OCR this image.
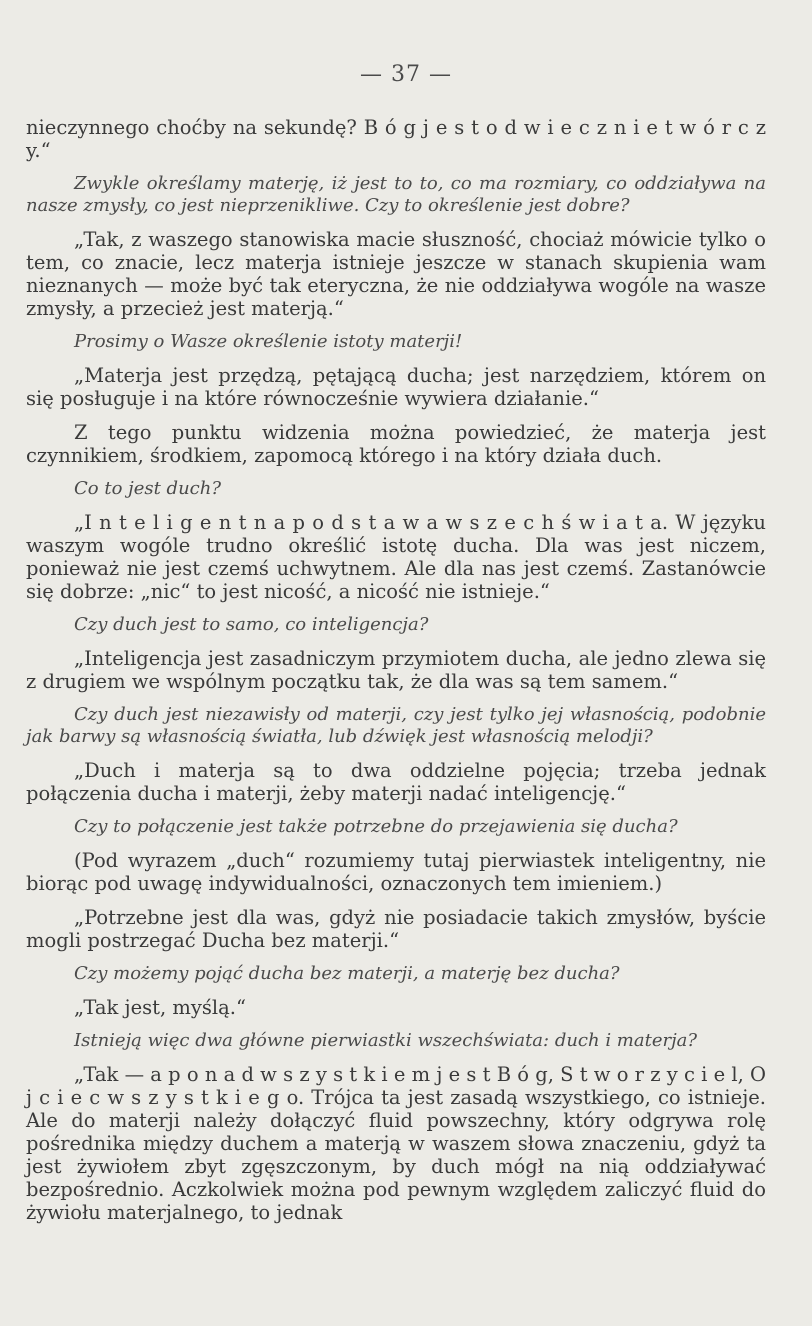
— 37 —

nieczynnego choćby na sekundę? B ó g j e s t o d w i e c z n i e t w ó r c z y.“

Zwykle określamy materję, iż jest to to, co ma rozmiary, co oddziaływa na nasze zmysły, co jest nieprzenikliwe. Czy to określenie jest dobre?

„Tak, z waszego stanowiska macie słuszność, chociaż mówicie tylko o tem, co znacie, lecz materja istnieje jeszcze w stanach skupienia wam nieznanych — może być tak eteryczna, że nie oddziaływa wogóle na wasze zmysły, a przecież jest materją.“

Prosimy o Wasze określenie istoty materji!

„Materja jest przędzą, pętającą ducha; jest narzędziem, którem on się posługuje i na które równocześnie wywiera działanie.“

Z tego punktu widzenia można powiedzieć, że materja jest czynnikiem, środkiem, zapomocą którego i na który działa duch.

Co to jest duch?

„I n t e l i g e n t n a p o d s t a w a w s z e c h ś w i a t a. W języku waszym wogóle trudno określić istotę ducha. Dla was jest niczem, ponieważ nie jest czemś uchwytnem. Ale dla nas jest czemś. Zastanówcie się dobrze: „nic“ to jest nicość, a nicość nie istnieje.“

Czy duch jest to samo, co inteligencja?

„Inteligencja jest zasadniczym przymiotem ducha, ale jedno zlewa się z drugiem we wspólnym początku tak, że dla was są tem samem.“

Czy duch jest niezawisły od materji, czy jest tylko jej własnością, podobnie jak barwy są własnością światła, lub dźwięk jest własnością melodji?

„Duch i materja są to dwa oddzielne pojęcia; trzeba jednak połączenia ducha i materji, żeby materji nadać inteligencję.“

Czy to połączenie jest także potrzebne do przejawienia się ducha?

(Pod wyrazem „duch“ rozumiemy tutaj pierwiastek inteligentny, nie biorąc pod uwagę indywidualności, oznaczonych tem imieniem.)

„Potrzebne jest dla was, gdyż nie posiadacie takich zmysłów, byście mogli postrzegać Ducha bez materji.“

Czy możemy pojąć ducha bez materji, a materję bez ducha?

„Tak jest, myślą.“

Istnieją więc dwa główne pierwiastki wszechświata: duch i materja?

„Tak — a p o n a d w s z y s t k i e m j e s t B ó g, S t w o r z y c i e l, O j c i e c w s z y s t k i e g o. Trójca ta jest zasadą wszystkiego, co istnieje. Ale do materji należy dołączyć fluid powszechny, który odgrywa rolę pośrednika między duchem a materją w waszem słowa znaczeniu, gdyż ta jest żywiołem zbyt zgęszczonym, by duch mógł na nią oddziaływać bezpośrednio. Aczkolwiek można pod pewnym względem zaliczyć fluid do żywiołu materjalnego, to jednak
